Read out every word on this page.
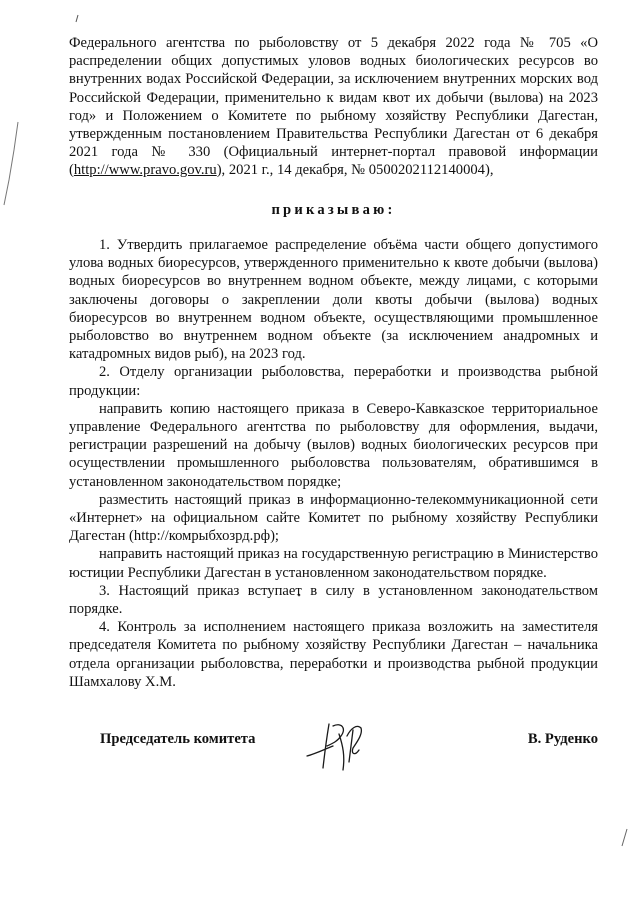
Федерального агентства по рыболовству от 5 декабря 2022 года № 705 «О распределении общих допустимых уловов водных биологических ресурсов во внутренних водах Российской Федерации, за исключением внутренних морских вод Российской Федерации, применительно к видам квот их добычи (вылова) на 2023 год» и Положением о Комитете по рыбному хозяйству Республики Дагестан, утвержденным постановлением Правительства Республики Дагестан от 6 декабря 2021 года № 330 (Официальный интернет-портал правовой информации (http://www.pravo.gov.ru), 2021 г., 14 декабря, № 0500202112140004),

приказываю:

1. Утвердить прилагаемое распределение объёма части общего допустимого улова водных биоресурсов, утвержденного применительно к квоте добычи (вылова) водных биоресурсов во внутреннем водном объекте, между лицами, с которыми заключены договоры о закреплении доли квоты добычи (вылова) водных биоресурсов во внутреннем водном объекте, осуществляющими промышленное рыболовство во внутреннем водном объекте (за исключением анадромных и катадромных видов рыб), на 2023 год.

2. Отделу организации рыболовства, переработки и производства рыбной продукции:

направить копию настоящего приказа в Северо-Кавказское территориальное управление Федерального агентства по рыболовству для оформления, выдачи, регистрации разрешений на добычу (вылов) водных биологических ресурсов при осуществлении промышленного рыболовства пользователям, обратившимся в установленном законодательством порядке;

разместить настоящий приказ в информационно-телекоммуникационной сети «Интернет» на официальном сайте Комитет по рыбному хозяйству Республики Дагестан (http://комрыбхозрд.рф);

направить настоящий приказ на государственную регистрацию в Министерство юстиции Республики Дагестан в установленном законодательством порядке.

3. Настоящий приказ вступает в силу в установленном законодательством порядке.

4. Контроль за исполнением настоящего приказа возложить на заместителя председателя Комитета по рыбному хозяйству Республики Дагестан – начальника отдела организации рыболовства, переработки и производства рыбной продукции Шамхалову Х.М.

Председатель комитета	В. Руденко
